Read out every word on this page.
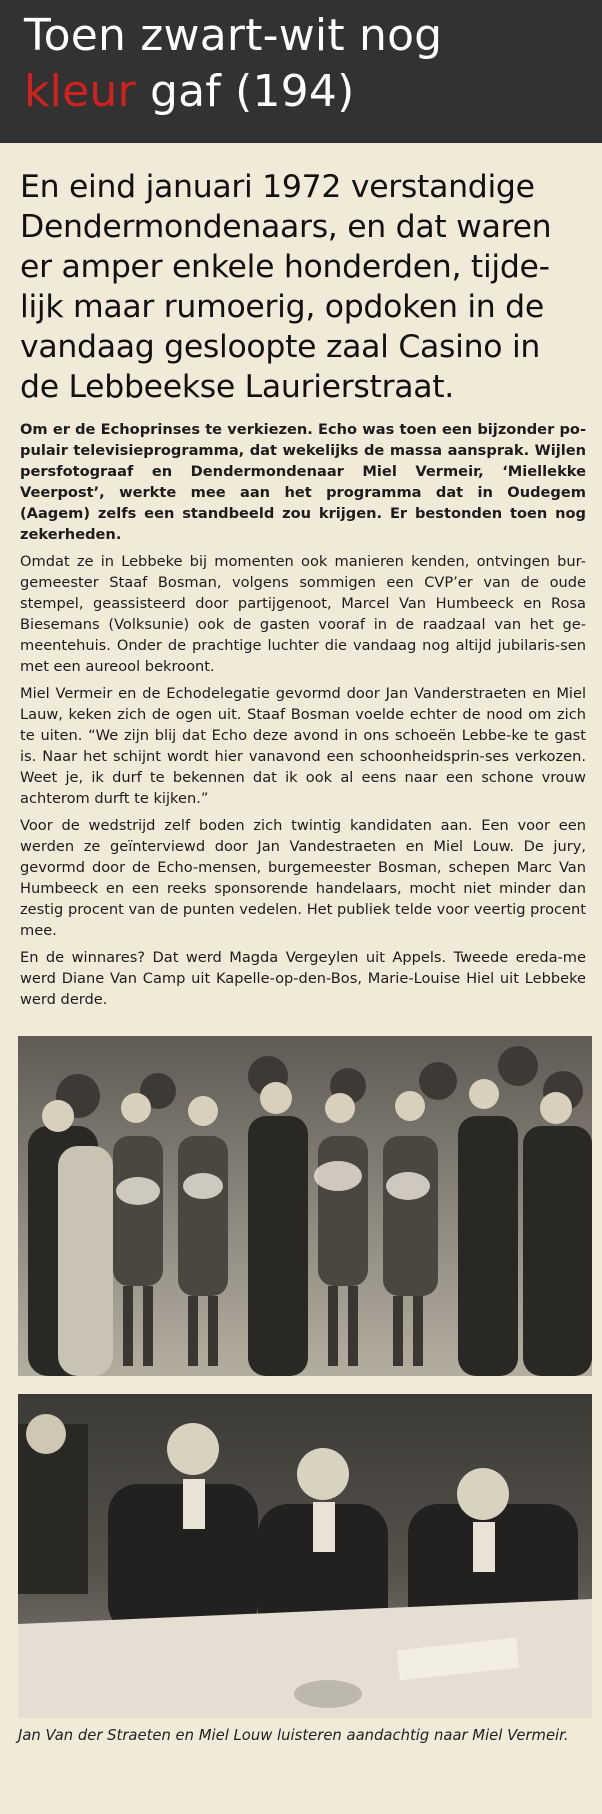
Toen zwart-wit nog
kleur gaf (194)
En eind januari 1972 verstandige Dendermondenaars, en dat waren er amper enkele honderden, tijde-lijk maar rumoerig, opdoken in de vandaag gesloopte zaal Casino in de Lebbeekse Laurierstraat.
Om er de Echoprinses te verkiezen. Echo was toen een bijzonder po-pulair televisieprogramma, dat wekelijks de massa aansprak. Wijlen persfotograaf en Dendermondenaar Miel Vermeir, ‘Miellekke Veerpost’, werkte mee aan het programma dat in Oudegem (Aagem) zelfs een standbeeld zou krijgen. Er bestonden toen nog zekerheden.
Omdat ze in Lebbeke bij momenten ook manieren kenden, ontvingen bur-gemeester Staaf Bosman, volgens sommigen een CVP’er van de oude stempel, geassisteerd door partijgenoot, Marcel Van Humbeeck en Rosa Biesemans (Volksunie) ook de gasten vooraf in de raadzaal van het ge-meentehuis. Onder de prachtige luchter die vandaag nog altijd jubilaris-sen met een aureool bekroont.
Miel Vermeir en de Echodelegatie gevormd door Jan Vanderstraeten en Miel Lauw, keken zich de ogen uit. Staaf Bosman voelde echter de nood om zich te uiten. “We zijn blij dat Echo deze avond in ons schoeën Lebbe-ke te gast is. Naar het schijnt wordt hier vanavond een schoonheidsprin-ses verkozen. Weet je, ik durf te bekennen dat ik ook al eens naar een schone vrouw achterom durft te kijken.”
Voor de wedstrijd zelf boden zich twintig kandidaten aan. Een voor een werden ze geïnterviewd door Jan Vandestraeten en Miel Louw. De jury, gevormd door de Echo-mensen, burgemeester Bosman, schepen Marc Van Humbeeck en een reeks sponsorende handelaars, mocht niet minder dan zestig procent van de punten vedelen. Het publiek telde voor veertig procent mee.
En de winnares? Dat werd Magda Vergeylen uit Appels. Tweede ereda-me werd Diane Van Camp uit Kapelle-op-den-Bos, Marie-Louise Hiel uit Lebbeke werd derde.
Jan Van der Straeten en Miel Louw luisteren aandachtig naar Miel Vermeir.
